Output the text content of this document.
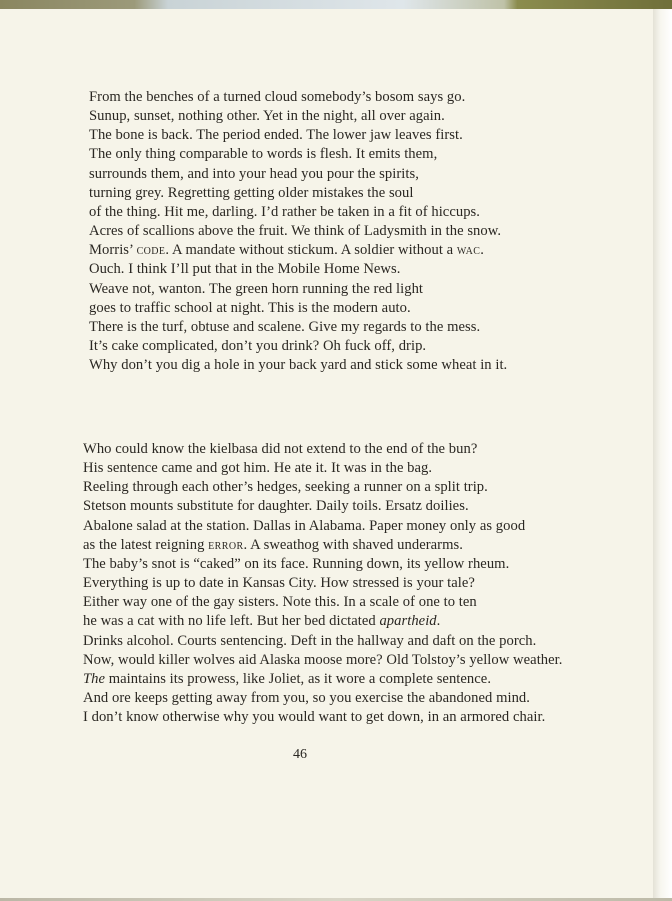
From the benches of a turned cloud somebody’s bosom says go.
Sunup, sunset, nothing other. Yet in the night, all over again.
The bone is back. The period ended. The lower jaw leaves first.
The only thing comparable to words is flesh. It emits them,
surrounds them, and into your head you pour the spirits,
turning grey. Regretting getting older mistakes the soul
of the thing. Hit me, darling. I’d rather be taken in a fit of hiccups.
Acres of scallions above the fruit. We think of Ladysmith in the snow.
Morris’ code. A mandate without stickum. A soldier without a wac.
Ouch. I think I’ll put that in the Mobile Home News.
Weave not, wanton. The green horn running the red light
goes to traffic school at night. This is the modern auto.
There is the turf, obtuse and scalene. Give my regards to the mess.
It’s cake complicated, don’t you drink? Oh fuck off, drip.
Why don’t you dig a hole in your back yard and stick some wheat in it.
Who could know the kielbasa did not extend to the end of the bun?
His sentence came and got him. He ate it. It was in the bag.
Reeling through each other’s hedges, seeking a runner on a split trip.
Stetson mounts substitute for daughter. Daily toils. Ersatz doilies.
Abalone salad at the station. Dallas in Alabama. Paper money only as good
as the latest reigning error. A sweathog with shaved underarms.
The baby’s snot is “caked” on its face. Running down, its yellow rheum.
Everything is up to date in Kansas City. How stressed is your tale?
Either way one of the gay sisters. Note this. In a scale of one to ten
he was a cat with no life left. But her bed dictated apartheid.
Drinks alcohol. Courts sentencing. Deft in the hallway and daft on the porch.
Now, would killer wolves aid Alaska moose more? Old Tolstoy’s yellow weather.
The maintains its prowess, like Joliet, as it wore a complete sentence.
And ore keeps getting away from you, so you exercise the abandoned mind.
I don’t know otherwise why you would want to get down, in an armored chair.
46
